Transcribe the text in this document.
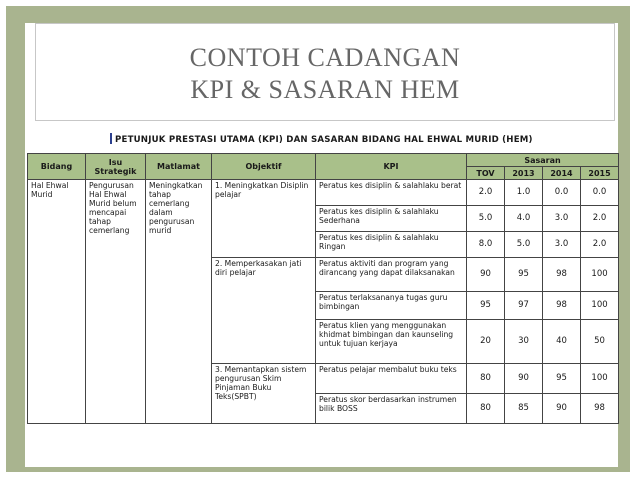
CONTOH CADANGAN
KPI & SASARAN HEM
PETUNJUK PRESTASI UTAMA (KPI) DAN SASARAN BIDANG HAL EHWAL MURID (HEM)
Bidang	Isu Strategik	Matlamat	Objektif	KPI	Sasaran			
					TOV	2013	2014	2015
Hal Ehwal Murid	Pengurusan Hal Ehwal Murid belum mencapai tahap cemerlang	Meningkatkan tahap cemerlang dalam pengurusan murid	1. Meningkatkan Disiplin pelajar	Peratus kes disiplin & salahlaku berat	2.0	1.0	0.0	0.0
				Peratus kes disiplin & salahlaku Sederhana	5.0	4.0	3.0	2.0
				Peratus kes disiplin & salahlaku Ringan	8.0	5.0	3.0	2.0
			2. Memperkasakan jati diri pelajar	Peratus aktiviti dan program yang dirancang yang dapat dilaksanakan	90	95	98	100
				Peratus terlaksananya tugas guru bimbingan	95	97	98	100
				Peratus klien yang menggunakan khidmat bimbingan dan kaunseling untuk tujuan kerjaya	20	30	40	50
			3. Memantapkan sistem pengurusan Skim Pinjaman Buku Teks(SPBT)	Peratus pelajar membalut buku teks	80	90	95	100
				Peratus skor berdasarkan instrumen bilik BOSS	80	85	90	98
